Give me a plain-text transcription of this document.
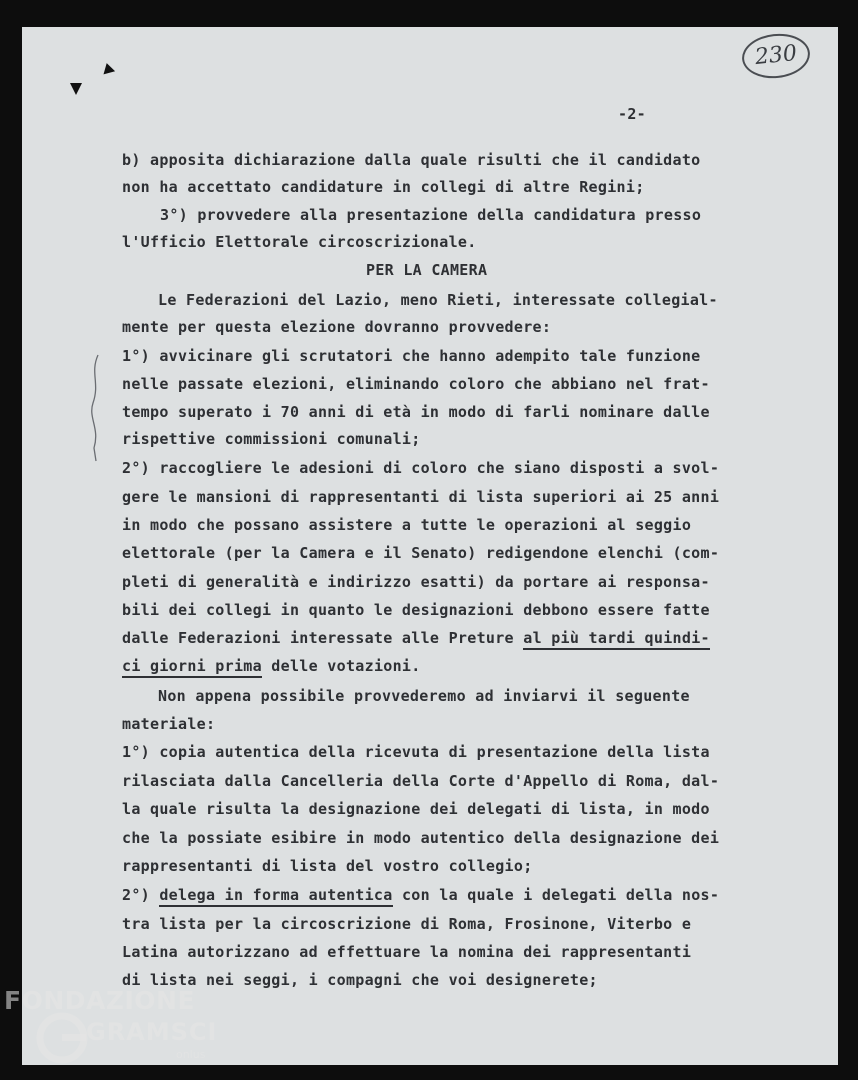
230

-2-

b) apposita dichiarazione dalla quale risulti che il candidato

non ha accettato candidature in collegi di altre Regini;

3°) provvedere alla presentazione della candidatura presso

l'Ufficio Elettorale circoscrizionale.

PER LA CAMERA

Le Federazioni del Lazio, meno Rieti, interessate collegial-

mente per questa elezione dovranno provvedere:

1°) avvicinare gli scrutatori che hanno adempito tale funzione

nelle passate elezioni, eliminando coloro che abbiano nel frat-

tempo superato i 70 anni di età in modo di farli nominare dalle

rispettive commissioni comunali;

2°) raccogliere le adesioni di coloro che siano disposti a svol-

gere le mansioni di rappresentanti di lista superiori ai 25 anni

in modo che possano assistere a tutte le operazioni al seggio

elettorale (per la Camera e il Senato) redigendone elenchi (com-

pleti di generalità e indirizzo esatti) da portare ai responsa-

bili dei collegi in quanto le designazioni debbono essere fatte

dalle Federazioni interessate alle Preture al più tardi quindi-

ci giorni prima delle votazioni.

Non appena possibile provvederemo ad inviarvi il seguente

materiale:

1°) copia autentica della ricevuta di presentazione della lista

rilasciata dalla Cancelleria della Corte d'Appello di Roma, dal-

la quale risulta la designazione dei delegati di lista, in modo

che la possiate esibire in modo autentico della designazione dei

rappresentanti di lista del vostro collegio;

2°) delega in forma autentica con la quale i delegati della nos-

tra lista per la circoscrizione di Roma, Frosinone, Viterbo e

Latina autorizzano ad effettuare la nomina dei rappresentanti

di lista nei seggi, i compagni che voi designerete;

FONDAZIONE
GRAMSCI
onlus
